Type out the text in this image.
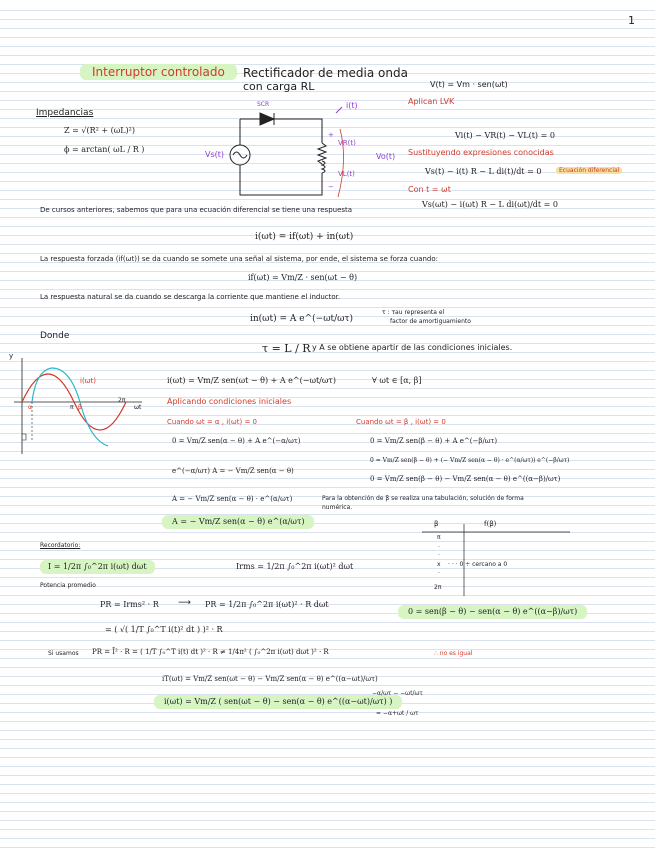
1
Interruptor controlado	Rectificador de media onda
con carga RL	V(t) = Vm · sen(ωt)
Impedancias
Z = √(R² + (ωL)²)
ϕ = arctan( ωL / R )
SCR	i(t)
Vs(t)
+
VR(t)
VL(t)
−
Vo(t)
Aplican LVK
Vi(t) − VR(t) − VL(t) = 0
Sustituyendo expresiones conocidas
Vs(t) − i(t) R − L di(t)/dt = 0	Ecuación diferencial
Con t = ωt
Vs(ωt) − i(ωt) R − L di(ωt)/dt = 0
De cursos anteriores, sabemos que para una ecuación diferencial se tiene una respuesta
i(ωt) = if(ωt) + in(ωt)
La respuesta forzada (if(ωt)) se da cuando se somete una señal al sistema, por ende, el sistema se forza cuando:
if(ωt) = Vm/Z · sen(ωt − θ)
La respuesta natural se da cuando se descarga la corriente que mantiene el inductor.
in(ωt) = A e^(−ωt/ωτ)
τ : τau representa el
factor de amortiguamiento
Donde
τ = L / R y A se obtiene apartir de las condiciones iniciales.
y
i(ωt)
α	π β
2π
ωt
i(ωt) = Vm/Z sen(ωt − θ) + A e^(−ωt/ωτ)	∀ ωt ∈ [α, β]
Aplicando condiciones iniciales
Cuando ωt = α , i(ωt) = 0
0 = Vm/Z sen(α − θ) + A e^(−α/ωτ)
e^(−α/ωτ) A = − Vm/Z sen(α − θ)
A = − Vm/Z sen(α − θ) · e^(α/ωτ)
A = − Vm/Z sen(α − θ) e^(α/ωτ)
Cuando ωt = β , i(ωt) = 0
0 = Vm/Z sen(β − θ) + A e^(−β/ωτ)
0 = Vm/Z sen(β − θ) + (− Vm/Z sen(α − θ) · e^(α/ωτ)) e^(−β/ωτ)
0 = Vm/Z sen(β − θ) − Vm/Z sen(α − θ) e^((α−β)/ωτ)
Para la obtención de β se realiza una tabulación, solución de forma
numérica.
β	f(β)
π
·
·
x
·
2π
· · · 0 ÷ cercano a 0
0 = sen(β − θ) − sen(α − θ) e^((α−β)/ωτ)
Recordatorio:
I = 1/2π ∫₀^2π i(ωt) dωt	Irms = 1/2π ∫₀^2π i(ωt)² dωt
Potencia promedio
PR = Irms² · R ⟶ PR = 1/2π ∫₀^2π i(ωt)² · R dωt
= ( √( 1/T ∫₀^T i(t)² dt ) )² · R
Si usamos PR = Ī² · R = ( 1/T ∫₀^T i(t) dt )² · R ≠ 1/4π² ( ∫₀^2π i(ωt) dωt )² · R	∴ no es igual
iT(ωt) = Vm/Z sen(ωt − θ) − Vm/Z sen(α − θ) e^((α−ωt)/ωτ)
i(ωt) = Vm/Z ( sen(ωt − θ) − sen(α − θ) e^((α−ωt)/ωτ) )
−α/ωτ − −ωt/ωτ
= −α+ωt / ωτ
